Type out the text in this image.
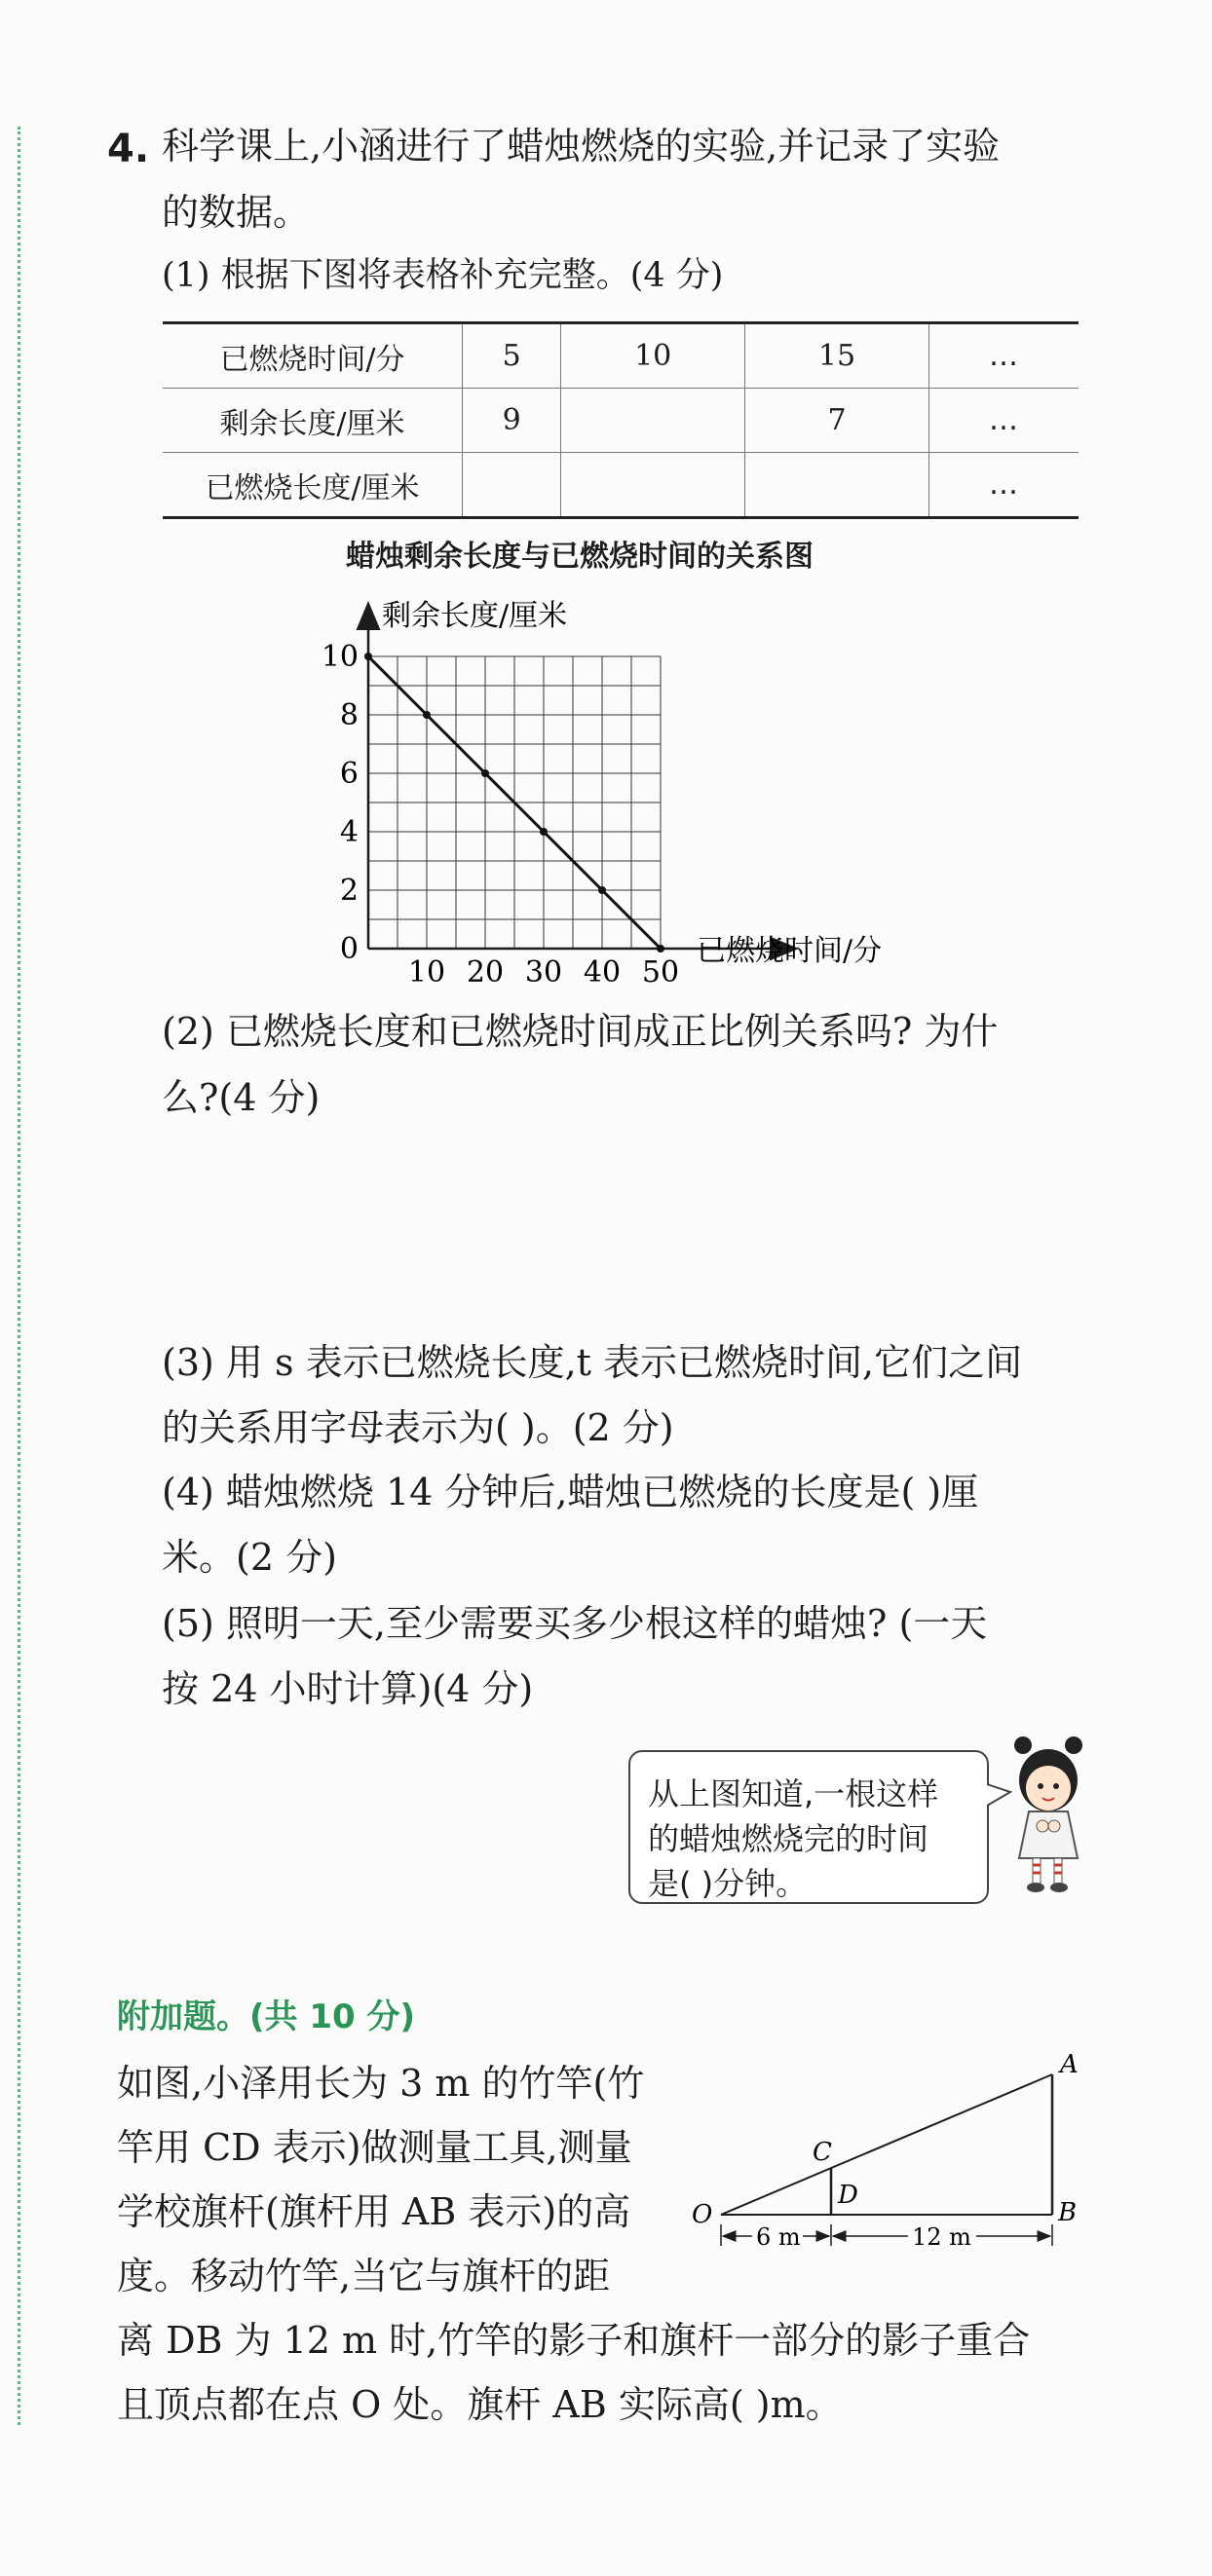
4. 科学课上,小涵进行了蜡烛燃烧的实验,并记录了实验
的数据。
(1) 根据下图将表格补充完整。(4 分)
已燃烧时间/分	5	10	15	…
剩余长度/厘米	9		7	…
已燃烧长度/厘米				…
蜡烛剩余长度与已燃烧时间的关系图
10 20 30 40 50
0
2
4
6
8
10
剩余长度/厘米
已燃烧时间/分
(2) 已燃烧长度和已燃烧时间成正比例关系吗? 为什
么?(4 分)
(3) 用 s 表示已燃烧长度,t 表示已燃烧时间,它们之间
的关系用字母表示为( )。(2 分)
(4) 蜡烛燃烧 14 分钟后,蜡烛已燃烧的长度是( )厘
米。(2 分)
(5) 照明一天,至少需要买多少根这样的蜡烛? (一天
按 24 小时计算)(4 分)
从上图知道,一根这样
的蜡烛燃烧完的时间
是( )分钟。
附加题。(共 10 分)
如图,小泽用长为 3 m 的竹竿(竹
竿用 CD 表示)做测量工具,测量
学校旗杆(旗杆用 AB 表示)的高
度。移动竹竿,当它与旗杆的距
离 DB 为 12 m 时,竹竿的影子和旗杆一部分的影子重合
且顶点都在点 O 处。旗杆 AB 实际高( )m。
A
B
C
D
O
6 m	12 m
